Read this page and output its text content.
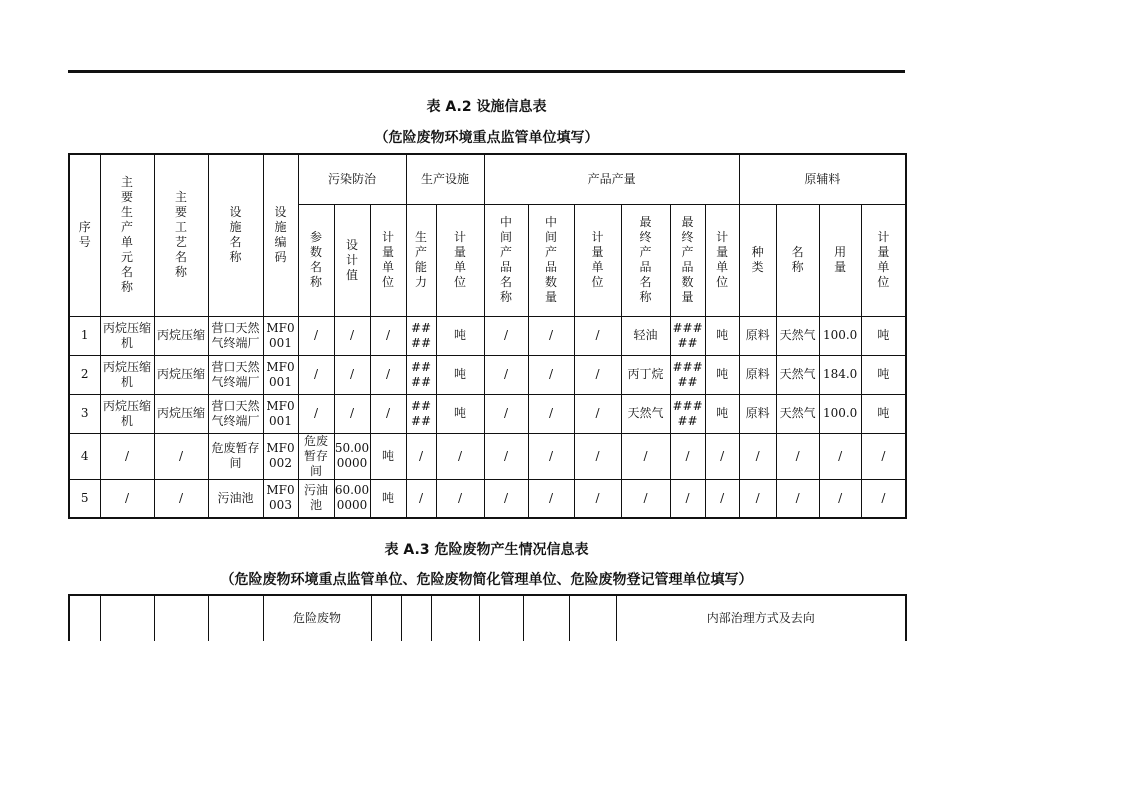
表 A.2 设施信息表
（危险废物环境重点监管单位填写）
序号	主要生产单元名称	主要工艺名称	设施名称	设施编码	污染防治			生产设施		产品产量						原辅料			
					参数名称	设计值	计量单位	生产能力	计量单位	中间产品名称	中间产品数量	计量单位	最终产品名称	最终产品数量	计量单位	种类	名称	用量	计量单位

1	丙烷压缩机	丙烷压缩	营口天然气终端厂	MF0001	/	/	/	####	吨	/	/	/	轻油	#####	吨	原料	天然气	100.0	吨

2	丙烷压缩机	丙烷压缩	营口天然气终端厂	MF0001	/	/	/	####	吨	/	/	/	丙丁烷	#####	吨	原料	天然气	184.0	吨

3	丙烷压缩机	丙烷压缩	营口天然气终端厂	MF0001	/	/	/	####	吨	/	/	/	天然气	#####	吨	原料	天然气	100.0	吨

4	/	/	危废暂存间	MF0002	危废暂存间	50.000000	吨	/	/	/	/	/	/	/	/	/	/	/	/

5	/	/	污油池	MF0003	污油池	60.000000	吨	/	/	/	/	/	/	/	/	/	/	/	/
表 A.3 危险废物产生情况信息表
（危险废物环境重点监管单位、危险废物简化管理单位、危险废物登记管理单位填写）
				危险废物							内部治理方式及去向
